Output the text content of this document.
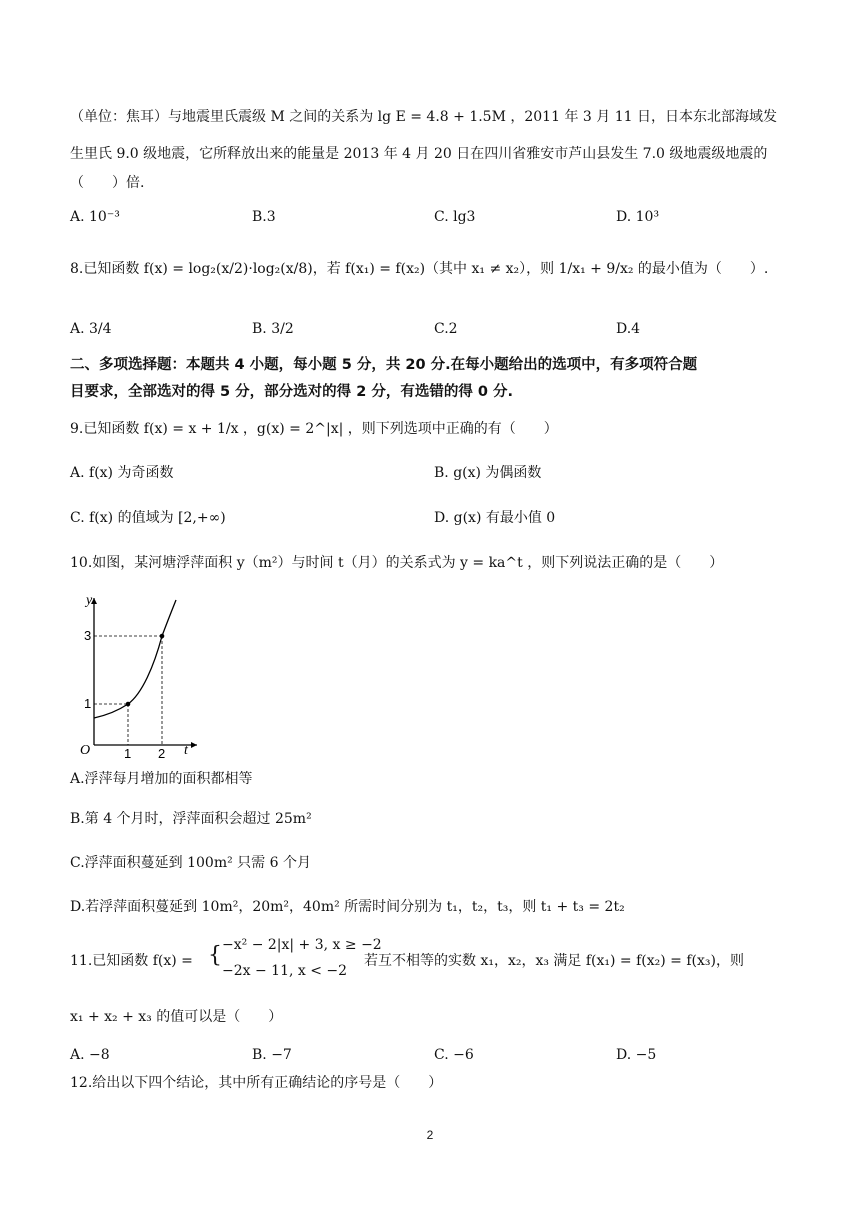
（单位：焦耳）与地震里氏震级 M 之间的关系为 lg E = 4.8 + 1.5M ，2011 年 3 月 11 日，日本东北部海域发
生里氏 9.0 级地震，它所释放出来的能量是 2013 年 4 月 20 日在四川省雅安市芦山县发生 7.0 级地震级地震的
（　　）倍.
A. 10⁻³	B.3	C. lg3	D. 10³
8.已知函数 f(x) = log₂(x/2)·log₂(x/8)，若 f(x₁) = f(x₂)（其中 x₁ ≠ x₂），则 1/x₁ + 9/x₂ 的最小值为（　　）.
A. 3/4	B. 3/2	C.2	D.4
二、多项选择题：本题共 4 小题，每小题 5 分，共 20 分.在每小题给出的选项中，有多项符合题
目要求，全部选对的得 5 分，部分选对的得 2 分，有选错的得 0 分.
9.已知函数 f(x) = x + 1/x ，g(x) = 2^|x| ，则下列选项中正确的有（　　）
A. f(x) 为奇函数	B. g(x) 为偶函数
C. f(x) 的值域为 [2,+∞)	D. g(x) 有最小值 0
10.如图，某河塘浮萍面积 y（m²）与时间 t（月）的关系式为 y = ka^t ，则下列说法正确的是（　　）
y
t
O	1 2
1
3
A.浮萍每月增加的面积都相等
B.第 4 个月时，浮萍面积会超过 25m²
C.浮萍面积蔓延到 100m² 只需 6 个月
D.若浮萍面积蔓延到 10m²，20m²，40m² 所需时间分别为 t₁，t₂，t₃，则 t₁ + t₃ = 2t₂
11.已知函数 f(x) = { −x² − 2|x| + 3, x ≥ −2
−2x − 11, x < −2
若互不相等的实数 x₁，x₂，x₃ 满足 f(x₁) = f(x₂) = f(x₃)，则
x₁ + x₂ + x₃ 的值可以是（　　）
A. −8	B. −7	C. −6	D. −5
12.给出以下四个结论，其中所有正确结论的序号是（　　）
2
